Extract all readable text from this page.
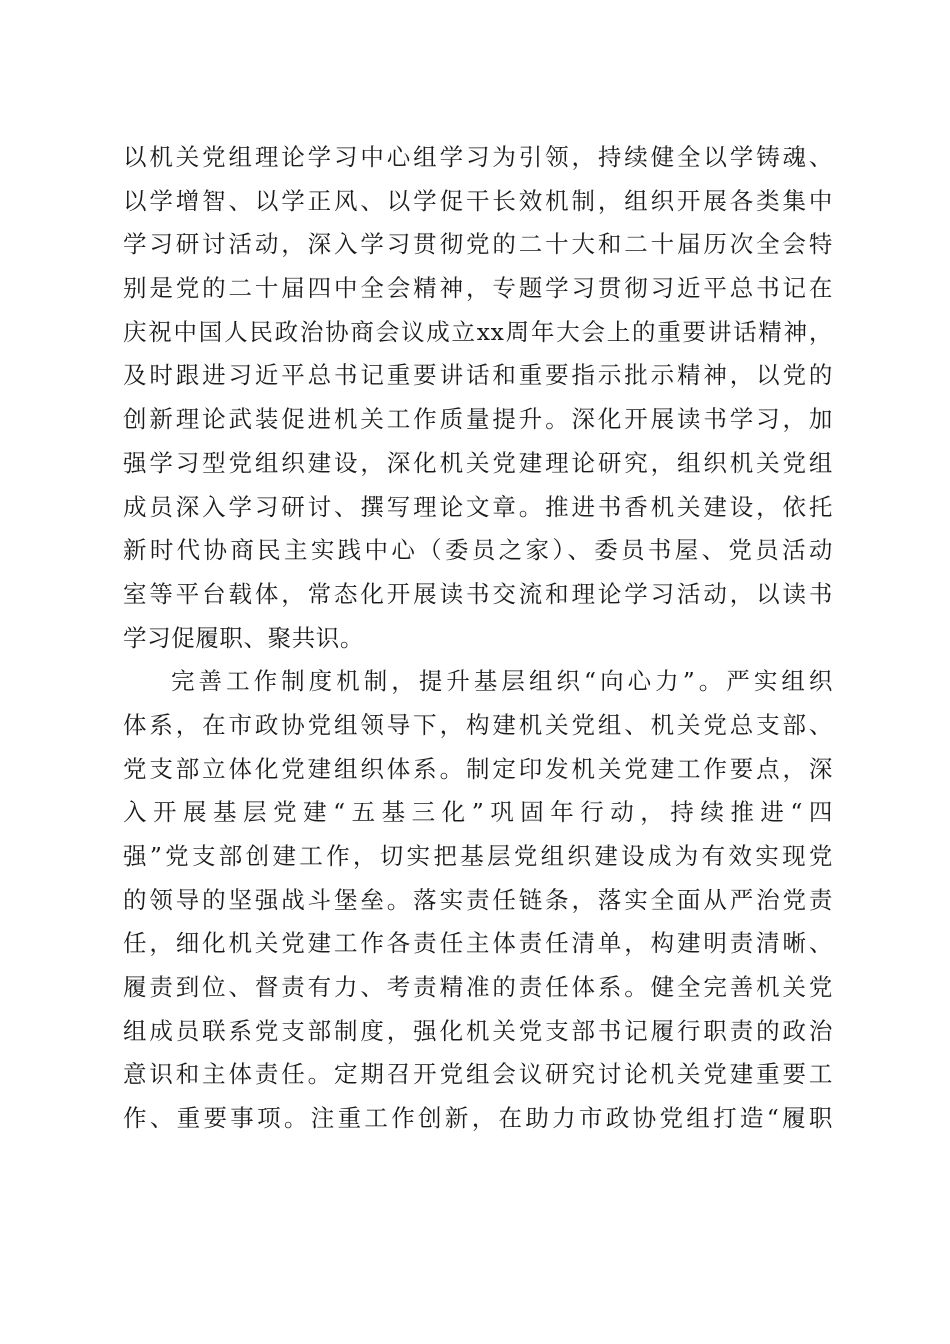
以机关党组理论学习中心组学习为引领，持续健全以学铸魂、
以学增智、以学正风、以学促干长效机制，组织开展各类集中
学习研讨活动，深入学习贯彻党的二十大和二十届历次全会特
别是党的二十届四中全会精神，专题学习贯彻习近平总书记在
庆祝中国人民政治协商会议成立xx周年大会上的重要讲话精神，
及时跟进习近平总书记重要讲话和重要指示批示精神，以党的
创新理论武装促进机关工作质量提升。深化开展读书学习，加
强学习型党组织建设，深化机关党建理论研究，组织机关党组
成员深入学习研讨、撰写理论文章。推进书香机关建设，依托
新时代协商民主实践中心（委员之家）、委员书屋、党员活动
室等平台载体，常态化开展读书交流和理论学习活动，以读书
学习促履职、聚共识。
完善工作制度机制，提升基层组织“向心力”。严实组织
体系，在市政协党组领导下，构建机关党组、机关党总支部、
党支部立体化党建组织体系。制定印发机关党建工作要点，深
入开展基层党建“五基三化”巩固年行动，持续推进“四
强”党支部创建工作，切实把基层党组织建设成为有效实现党
的领导的坚强战斗堡垒。落实责任链条，落实全面从严治党责
任，细化机关党建工作各责任主体责任清单，构建明责清晰、
履责到位、督责有力、考责精准的责任体系。健全完善机关党
组成员联系党支部制度，强化机关党支部书记履行职责的政治
意识和主体责任。定期召开党组会议研究讨论机关党建重要工
作、重要事项。注重工作创新，在助力市政协党组打造“履职
